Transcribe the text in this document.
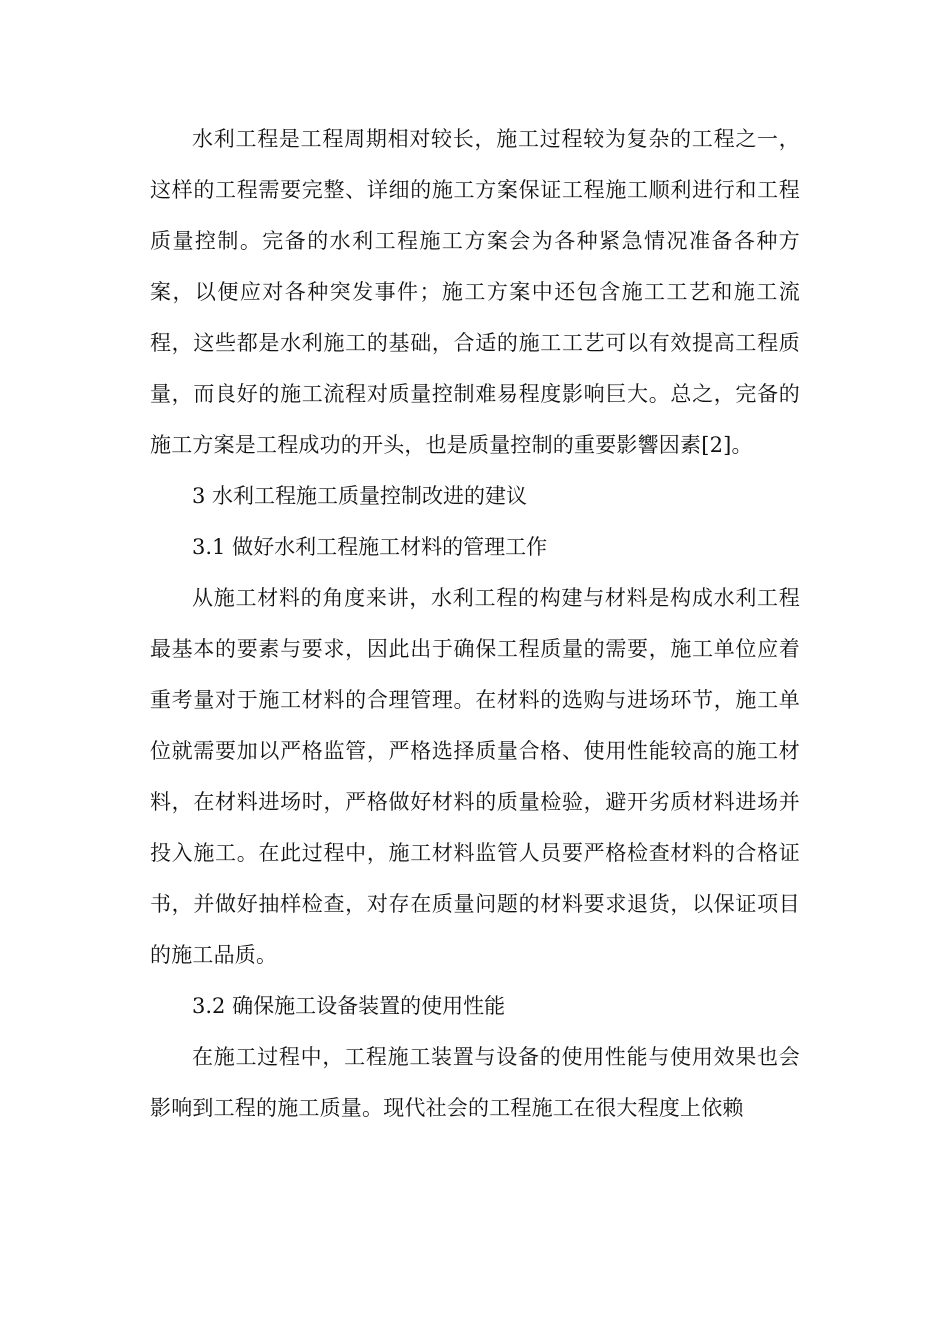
水利工程是工程周期相对较长，施工过程较为复杂的工程之一，这样的工程需要完整、详细的施工方案保证工程施工顺利进行和工程质量控制。完备的水利工程施工方案会为各种紧急情况准备各种方案，以便应对各种突发事件；施工方案中还包含施工工艺和施工流程，这些都是水利施工的基础，合适的施工工艺可以有效提高工程质量，而良好的施工流程对质量控制难易程度影响巨大。总之，完备的施工方案是工程成功的开头，也是质量控制的重要影響因素[2]。

3 水利工程施工质量控制改进的建议

3.1 做好水利工程施工材料的管理工作

从施工材料的角度来讲，水利工程的构建与材料是构成水利工程最基本的要素与要求，因此出于确保工程质量的需要，施工单位应着重考量对于施工材料的合理管理。在材料的选购与进场环节，施工单位就需要加以严格监管，严格选择质量合格、使用性能较高的施工材料，在材料进场时，严格做好材料的质量检验，避开劣质材料进场并投入施工。在此过程中，施工材料监管人员要严格检查材料的合格证书，并做好抽样检查，对存在质量问题的材料要求退货，以保证项目的施工品质。

3.2 确保施工设备装置的使用性能

在施工过程中，工程施工装置与设备的使用性能与使用效果也会影响到工程的施工质量。现代社会的工程施工在很大程度上依赖
